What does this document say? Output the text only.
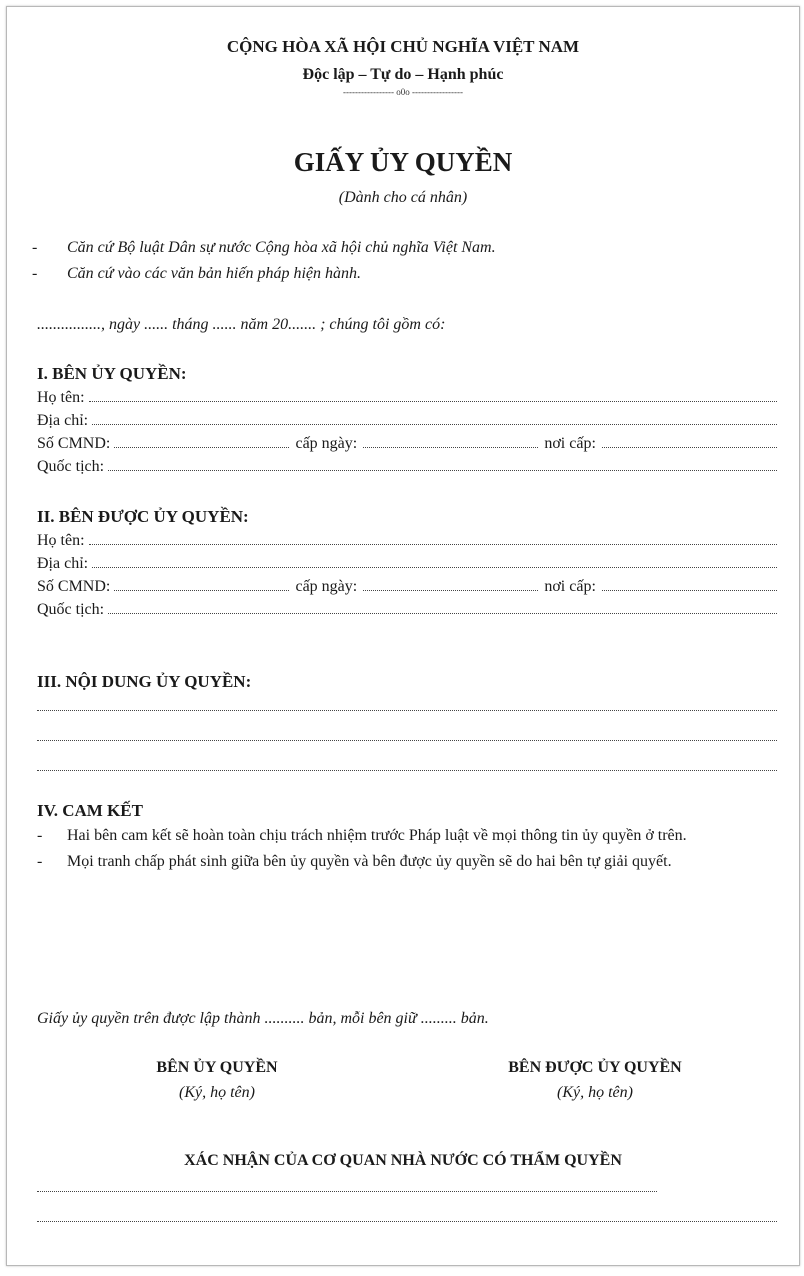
CỘNG HÒA XÃ HỘI CHỦ NGHĨA VIỆT NAM
Độc lập – Tự do – Hạnh phúc
----------------- o0o -----------------
GIẤY ỦY QUYỀN
(Dành cho cá nhân)
- Căn cứ Bộ luật Dân sự nước Cộng hòa xã hội chủ nghĩa Việt Nam.
- Căn cứ vào các văn bản hiến pháp hiện hành.
................, ngày ...... tháng ...... năm 20....... ; chúng tôi gồm có:
I. BÊN ỦY QUYỀN:
Họ tên:
Địa chỉ:
Số CMND:	cấp ngày:	nơi cấp:
Quốc tịch:
II. BÊN ĐƯỢC ỦY QUYỀN:
Họ tên:
Địa chỉ:
Số CMND:	cấp ngày:	nơi cấp:
Quốc tịch:
III. NỘI DUNG ỦY QUYỀN:
IV. CAM KẾT
- Hai bên cam kết sẽ hoàn toàn chịu trách nhiệm trước Pháp luật về mọi thông tin ủy quyền ở trên.
- Mọi tranh chấp phát sinh giữa bên ủy quyền và bên được ủy quyền sẽ do hai bên tự giải quyết.
Giấy ủy quyền trên được lập thành .......... bản, mỗi bên giữ ......... bản.
BÊN ỦY QUYỀN
(Ký, họ tên)
BÊN ĐƯỢC ỦY QUYỀN
(Ký, họ tên)
XÁC NHẬN CỦA CƠ QUAN NHÀ NƯỚC CÓ THẨM QUYỀN
